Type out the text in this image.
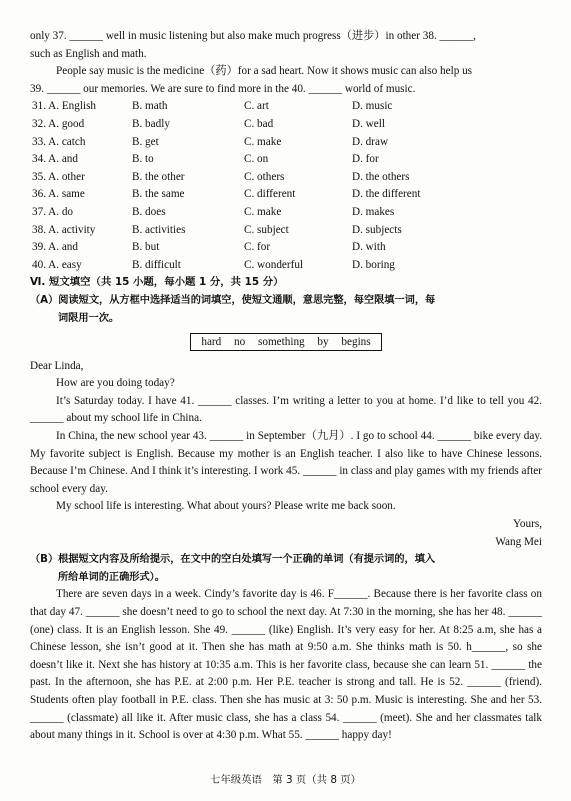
only 37. ______ well in music listening but also make much progress（进步）in other 38. ______,

such as English and math.

People say music is the medicine（药）for a sad heart. Now it shows music can also help us

39. ______ our memories. We are sure to find more in the 40. ______ world of music.

31. A. English	B. math	C. art	D. music
32. A. good	B. badly	C. bad	D. well
33. A. catch	B. get	C. make	D. draw
34. A. and	B. to	C. on	D. for
35. A. other	B. the other	C. others	D. the others
36. A. same	B. the same	C. different	D. the different
37. A. do	B. does	C. make	D. makes
38. A. activity	B. activities	C. subject	D. subjects
39. A. and	B. but	C. for	D. with
40. A. easy	B. difficult	C. wonderful	D. boring

Ⅵ. 短文填空（共 15 小题，每小题 1 分，共 15 分）

（A）阅读短文，从方框中选择适当的词填空，使短文通顺，意思完整，每空限填一词，每
词限用一次。

hard no something by begins

Dear Linda,

How are you doing today?

It’s Saturday today. I have 41. ______ classes. I’m writing a letter to you at home. I’d like to tell you 42. ______ about my school life in China.

In China, the new school year 43. ______ in September（九月）. I go to school 44. ______ bike every day. My favorite subject is English. Because my mother is an English teacher. I also like to have Chinese lessons. Because I’m Chinese. And I think it’s interesting. I work 45. ______ in class and play games with my friends after school every day.

My school life is interesting. What about yours? Please write me back soon.

Yours,

Wang Mei

（B）根据短文内容及所给提示，在文中的空白处填写一个正确的单词（有提示词的，填入
所给单词的正确形式）。

There are seven days in a week. Cindy’s favorite day is 46. F______. Because there is her favorite class on that day 47. ______ she doesn’t need to go to school the next day. At 7:30 in the morning, she has her 48. ______ (one) class. It is an English lesson. She 49. ______ (like) English. It’s very easy for her. At 8:25 a.m, she has a Chinese lesson, she isn’t good at it. Then she has math at 9:50 a.m. She thinks math is 50. h______, so she doesn’t like it. Next she has history at 10:35 a.m. This is her favorite class, because she can learn 51. ______ the past. In the afternoon, she has P.E. at 2:00 p.m. Her P.E. teacher is strong and tall. He is 52. ______ (friend). Students often play football in P.E. class. Then she has music at 3: 50 p.m. Music is interesting. She and her 53. ______ (classmate) all like it. After music class, she has a class 54. ______ (meet). She and her classmates talk about many things in it. School is over at 4:30 p.m. What 55. ______ happy day!

七年级英语　第 3 页（共 8 页）
